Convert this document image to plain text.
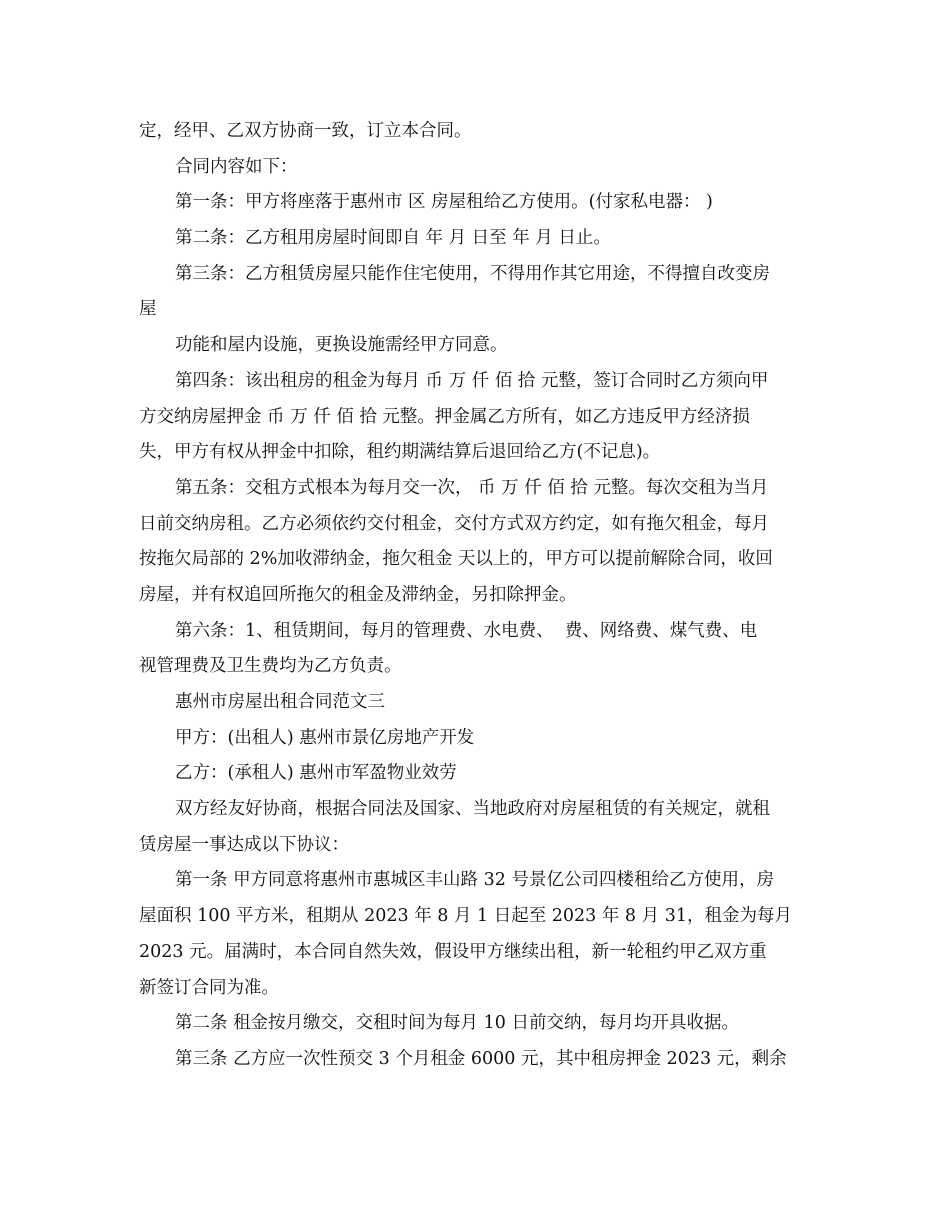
定，经甲、乙双方协商一致，订立本合同。
合同内容如下：
第一条：甲方将座落于惠州市 区 房屋租给乙方使用。(付家私电器： )
第二条：乙方租用房屋时间即自 年 月 日至 年 月 日止。
第三条：乙方租赁房屋只能作住宅使用，不得用作其它用途，不得擅自改变房
屋
功能和屋内设施，更换设施需经甲方同意。
第四条：该出租房的租金为每月 币 万 仟 佰 拾 元整，签订合同时乙方须向甲
方交纳房屋押金 币 万 仟 佰 拾 元整。押金属乙方所有，如乙方违反甲方经济损
失，甲方有权从押金中扣除，租约期满结算后退回给乙方(不记息)。
第五条：交租方式根本为每月交一次， 币 万 仟 佰 拾 元整。每次交租为当月
日前交纳房租。乙方必须依约交付租金，交付方式双方约定，如有拖欠租金，每月
按拖欠局部的 2%加收滞纳金，拖欠租金 天以上的，甲方可以提前解除合同，收回
房屋，并有权追回所拖欠的租金及滞纳金，另扣除押金。
第六条：1、租赁期间，每月的管理费、水电费、  费、网络费、煤气费、电
视管理费及卫生费均为乙方负责。
惠州市房屋出租合同范文三
甲方：(出租人) 惠州市景亿房地产开发
乙方：(承租人) 惠州市军盈物业效劳
双方经友好协商，根据合同法及国家、当地政府对房屋租赁的有关规定，就租
赁房屋一事达成以下协议：
第一条 甲方同意将惠州市惠城区丰山路 32 号景亿公司四楼租给乙方使用，房
屋面积 100 平方米，租期从 2023 年 8 月 1 日起至 2023 年 8 月 31，租金为每月
2023 元。届满时，本合同自然失效，假设甲方继续出租，新一轮租约甲乙双方重
新签订合同为准。
第二条 租金按月缴交，交租时间为每月 10 日前交纳，每月均开具收据。
第三条 乙方应一次性预交 3 个月租金 6000 元，其中租房押金 2023 元，剩余
